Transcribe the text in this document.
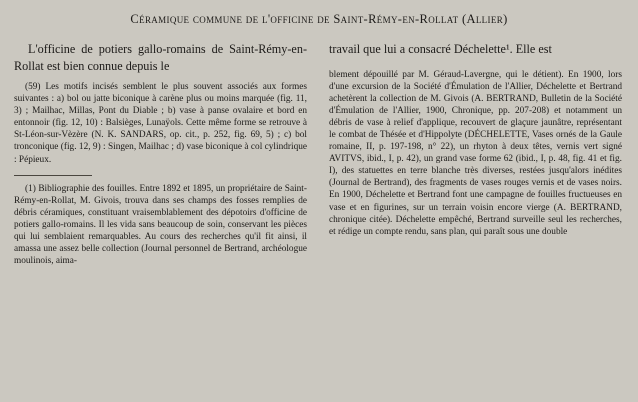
Céramique commune de l'officine de Saint-Rémy-en-Rollat (Allier)

L'officine de potiers gallo-romains de Saint-Rémy-en-Rollat est bien connue depuis le

(59) Les motifs incisés semblent le plus souvent associés aux formes suivantes : a) bol ou jatte biconique à carène plus ou moins marquée (fig. 11, 3) ; Mailhac, Millas, Pont du Diable ; b) vase à panse ovalaire et bord en entonnoir (fig. 12, 10) : Balsièges, Lunaÿols. Cette même forme se retrouve à St-Léon-sur-Vèzère (N. K. SANDARS, op. cit., p. 252, fig. 69, 5) ; c) bol tronconique (fig. 12, 9) : Singen, Mailhac ; d) vase biconique à col cylindrique : Pépieux.

(1) Bibliographie des fouilles. Entre 1892 et 1895, un propriétaire de Saint-Rémy-en-Rollat, M. Givois, trouva dans ses champs des fosses remplies de débris céramiques, constituant vraisemblablement des dépotoirs d'officine de potiers gallo-romains. Il les vida sans beaucoup de soin, conservant les pièces qui lui semblaient remarquables. Au cours des recherches qu'il fit ainsi, il amassa une assez belle collection (Journal personnel de Bertrand, archéologue moulinois, aima-

travail que lui a consacré Déchelette¹. Elle est

blement dépouillé par M. Géraud-Lavergne, qui le détient). En 1900, lors d'une excursion de la Société d'Émulation de l'Allier, Déchelette et Bertrand achetèrent la collection de M. Givois (A. BERTRAND, Bulletin de la Société d'Émulation de l'Allier, 1900, Chronique, pp. 207-208) et notamment un débris de vase à relief d'applique, recouvert de glaçure jaunâtre, représentant le combat de Thésée et d'Hippolyte (DÉCHELETTE, Vases ornés de la Gaule romaine, II, p. 197-198, n° 22), un rhyton à deux têtes, vernis vert signé AVITVS, ibid., I, p. 42), un grand vase forme 62 (ibid., I, p. 48, fig. 41 et fig. I), des statuettes en terre blanche très diverses, restées jusqu'alors inédites (Journal de Bertrand), des fragments de vases rouges vernis et de vases noirs. En 1900, Déchelette et Bertrand font une campagne de fouilles fructueuses en vase et en figurines, sur un terrain voisin encore vierge (A. BERTRAND, chronique citée). Déchelette empêché, Bertrand surveille seul les recherches, et rédige un compte rendu, sans plan, qui paraît sous une double
